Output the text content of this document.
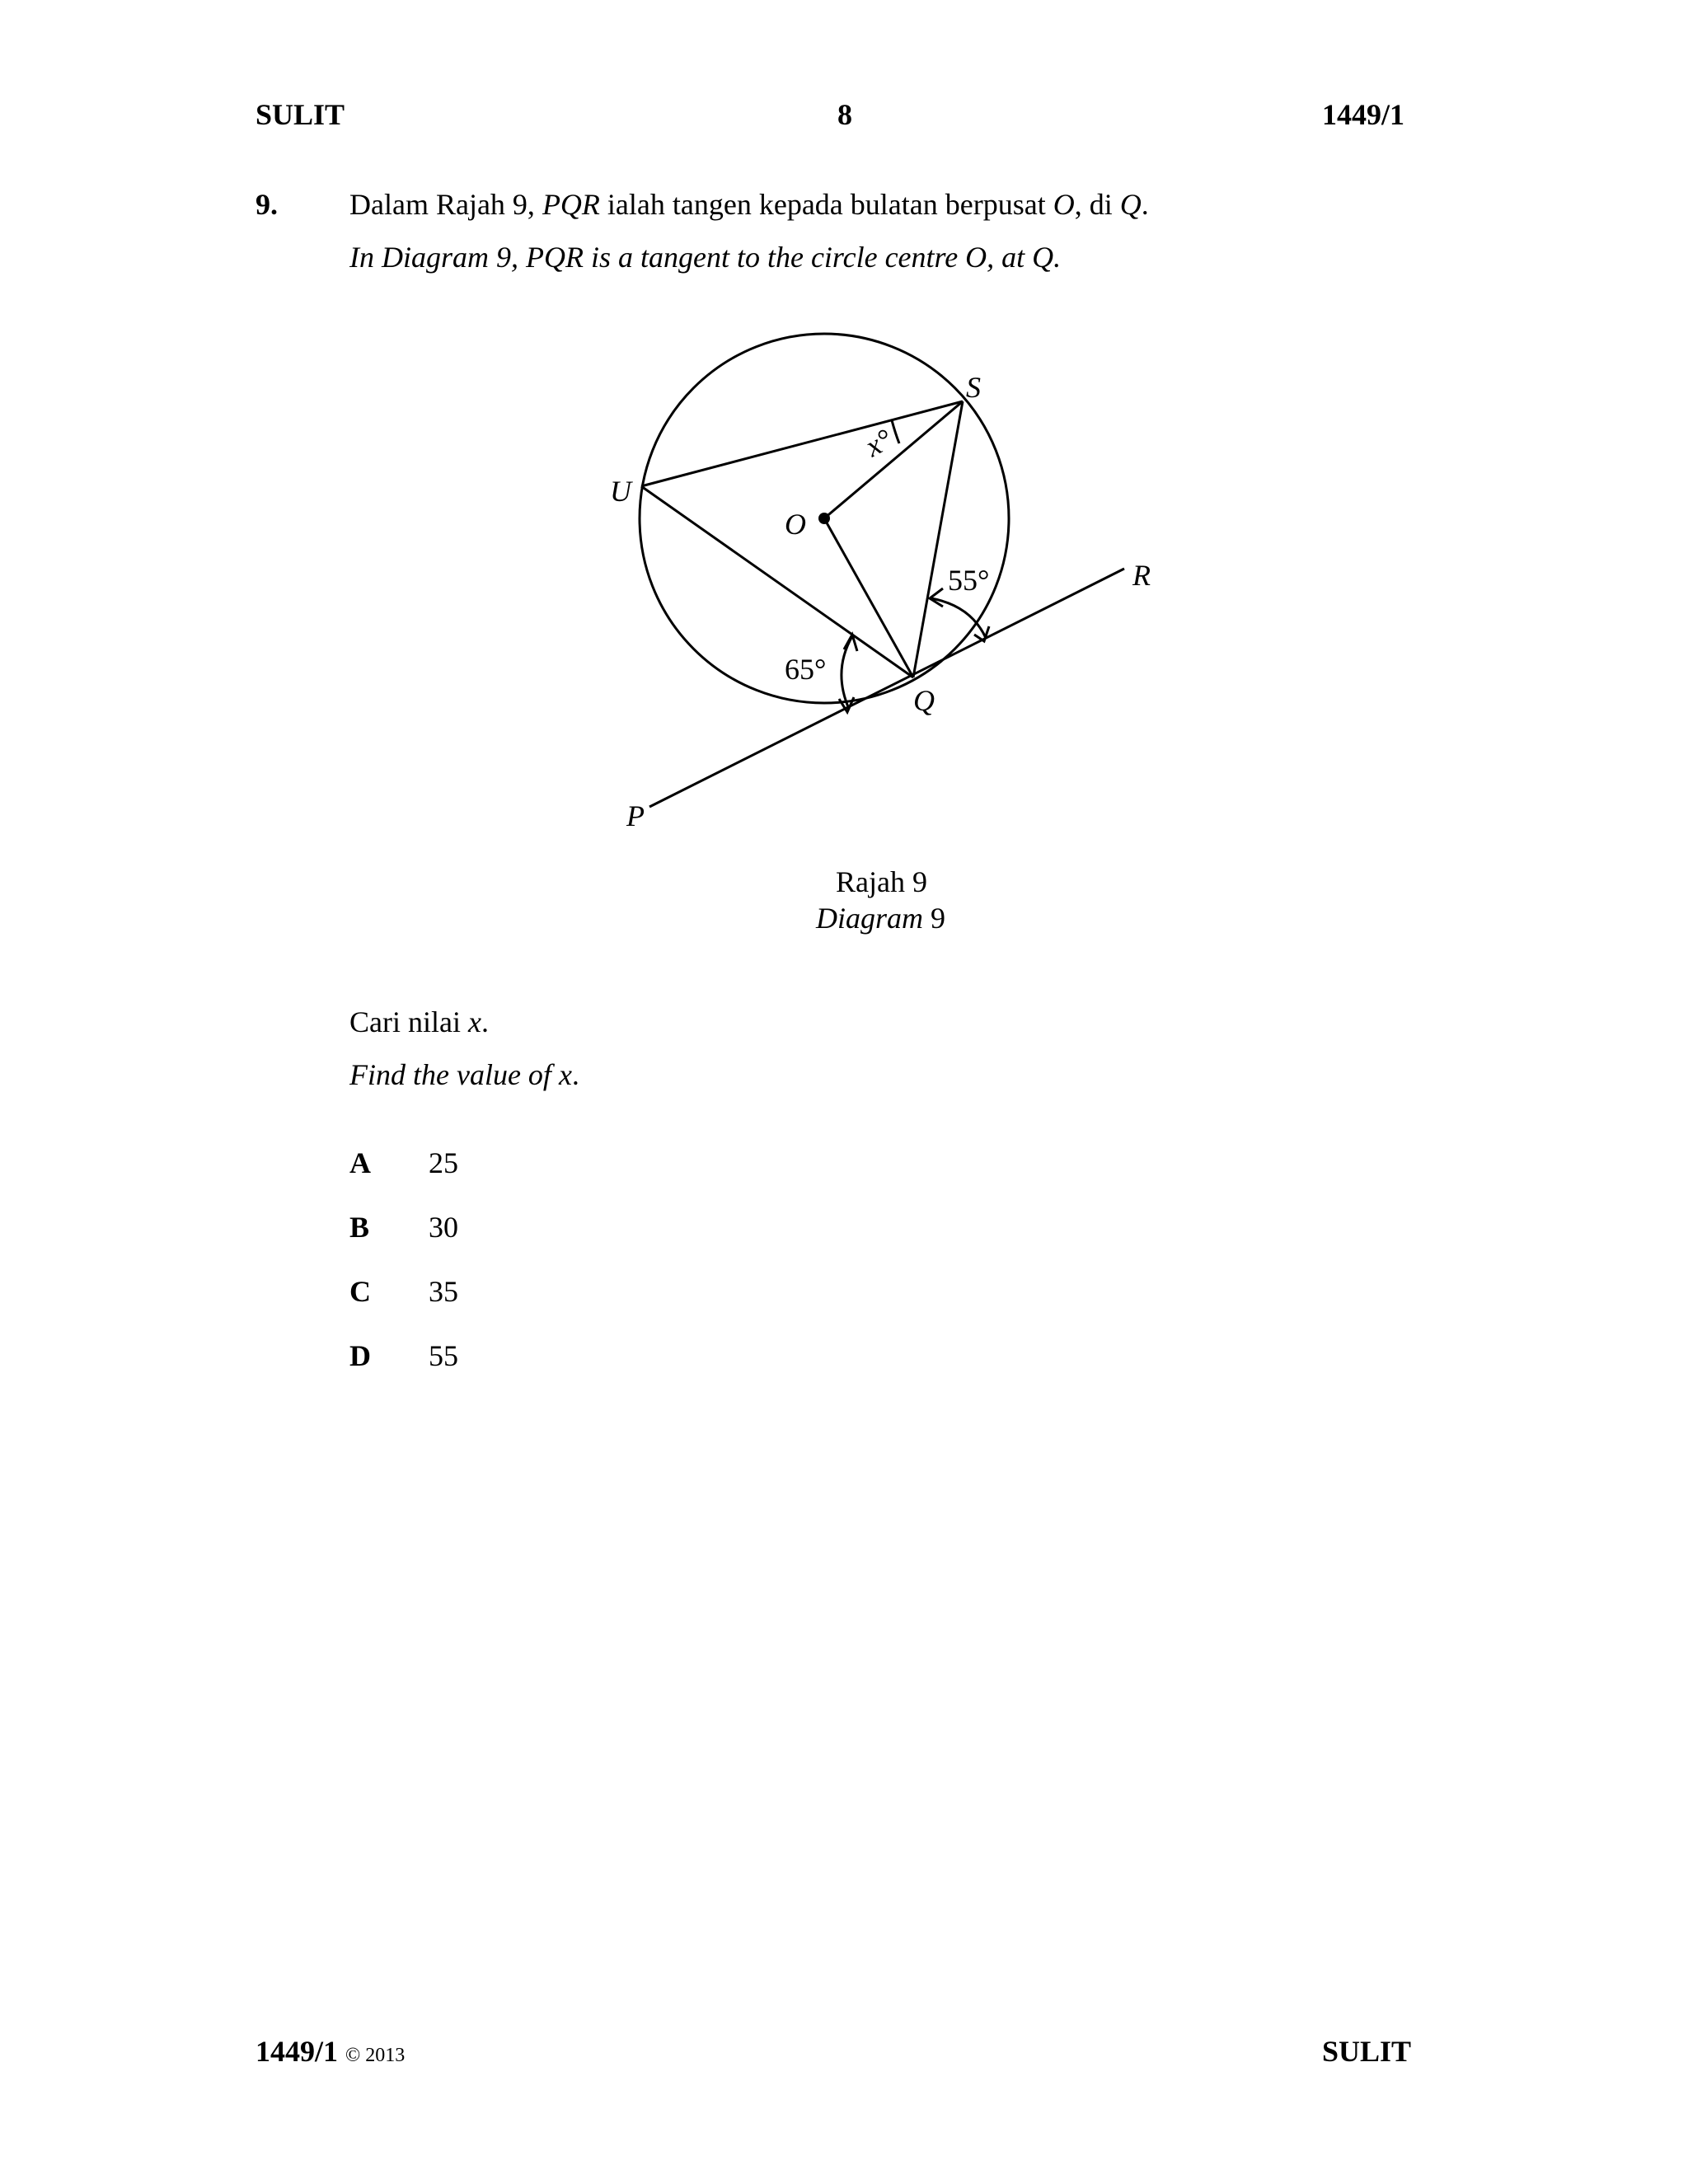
SULIT	8	1449/1
9. Dalam Rajah 9, PQR ialah tangen kepada bulatan berpusat O, di Q.
In Diagram 9, PQR is a tangent to the circle centre O, at Q.
S
U
O
R
Q
P
x°
55°
65°
Rajah 9
Diagram 9
Cari nilai x.
Find the value of x.
A 25
B 30
C 35
D 55
1449/1 © 2013	SULIT
